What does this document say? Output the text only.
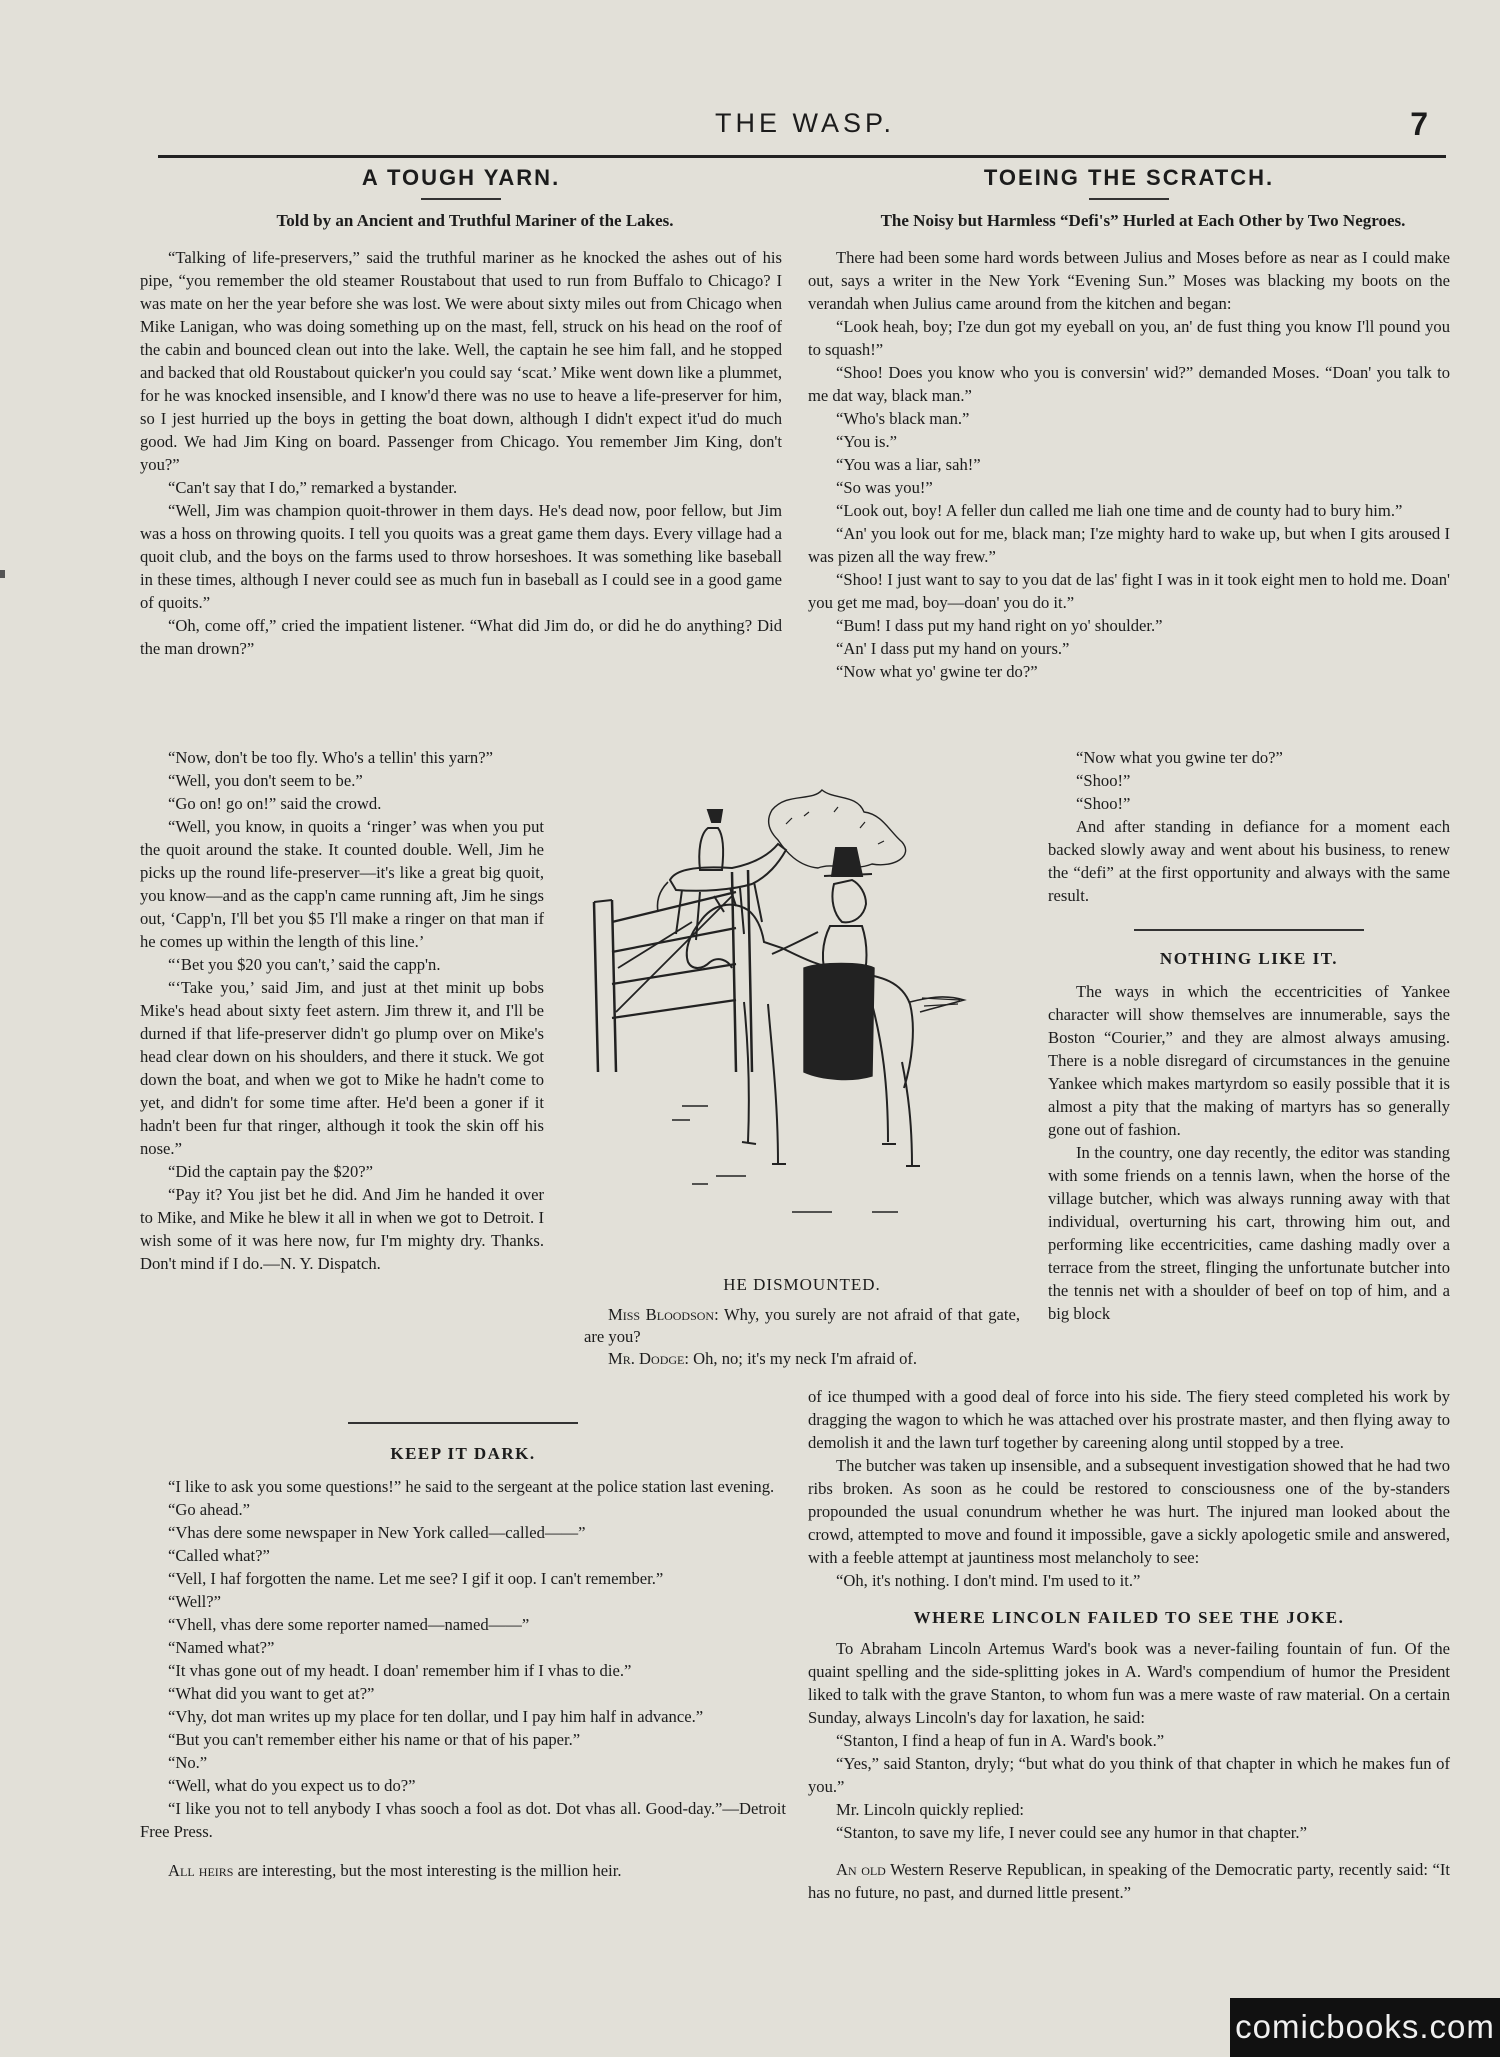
THE WASP.	7
A TOUGH YARN.

Told by an Ancient and Truthful Mariner of the Lakes.

“Talking of life-preservers,” said the truthful mariner as he knocked the ashes out of his pipe, “you remember the old steamer Roustabout that used to run from Buffalo to Chicago? I was mate on her the year before she was lost. We were about sixty miles out from Chicago when Mike Lanigan, who was doing something up on the mast, fell, struck on his head on the roof of the cabin and bounced clean out into the lake. Well, the captain he see him fall, and he stopped and backed that old Roustabout quicker'n you could say ‘scat.’ Mike went down like a plummet, for he was knocked insensible, and I know'd there was no use to heave a life-preserver for him, so I jest hurried up the boys in getting the boat down, although I didn't expect it'ud do much good. We had Jim King on board. Passenger from Chicago. You remember Jim King, don't you?”

“Can't say that I do,” remarked a bystander.

“Well, Jim was champion quoit-thrower in them days. He's dead now, poor fellow, but Jim was a hoss on throwing quoits. I tell you quoits was a great game them days. Every village had a quoit club, and the boys on the farms used to throw horseshoes. It was something like baseball in these times, although I never could see as much fun in baseball as I could see in a good game of quoits.”

“Oh, come off,” cried the impatient listener. “What did Jim do, or did he do anything? Did the man drown?”

“Now, don't be too fly. Who's a tellin' this yarn?”

“Well, you don't seem to be.”

“Go on! go on!” said the crowd.

“Well, you know, in quoits a ‘ringer’ was when you put the quoit around the stake. It counted double. Well, Jim he picks up the round life-preserver—it's like a great big quoit, you know—and as the capp'n came running aft, Jim he sings out, ‘Capp'n, I'll bet you $5 I'll make a ringer on that man if he comes up within the length of this line.’

“‘Bet you $20 you can't,’ said the capp'n.

“‘Take you,’ said Jim, and just at thet minit up bobs Mike's head about sixty feet astern. Jim threw it, and I'll be durned if that life-preserver didn't go plump over on Mike's head clear down on his shoulders, and there it stuck. We got down the boat, and when we got to Mike he hadn't come to yet, and didn't for some time after. He'd been a goner if it hadn't been fur that ringer, although it took the skin off his nose.”

“Did the captain pay the $20?”

“Pay it? You jist bet he did. And Jim he handed it over to Mike, and Mike he blew it all in when we got to Detroit. I wish some of it was here now, fur I'm mighty dry. Thanks. Don't mind if I do.—N. Y. Dispatch.

HE DISMOUNTED.

Miss Bloodson: Why, you surely are not afraid of that gate, are you?

Mr. Dodge: Oh, no; it's my neck I'm afraid of.

KEEP IT DARK.

“I like to ask you some questions!” he said to the sergeant at the police station last evening.

“Go ahead.”

“Vhas dere some newspaper in New York called—called——”

“Called what?”

“Vell, I haf forgotten the name. Let me see? I gif it oop. I can't remember.”

“Well?”

“Vhell, vhas dere some reporter named—named——”

“Named what?”

“It vhas gone out of my headt. I doan' remember him if I vhas to die.”

“What did you want to get at?”

“Vhy, dot man writes up my place for ten dollar, und I pay him half in advance.”

“But you can't remember either his name or that of his paper.”

“No.”

“Well, what do you expect us to do?”

“I like you not to tell anybody I vhas sooch a fool as dot. Dot vhas all. Good-day.”—Detroit Free Press.

All heirs are interesting, but the most interesting is the million heir.

TOEING THE SCRATCH.

The Noisy but Harmless “Defi's” Hurled at Each Other by Two Negroes.

There had been some hard words between Julius and Moses before as near as I could make out, says a writer in the New York “Evening Sun.” Moses was blacking my boots on the verandah when Julius came around from the kitchen and began:

“Look heah, boy; I'ze dun got my eyeball on you, an' de fust thing you know I'll pound you to squash!”

“Shoo! Does you know who you is conversin' wid?” demanded Moses. “Doan' you talk to me dat way, black man.”

“Who's black man.”

“You is.”

“You was a liar, sah!”

“So was you!”

“Look out, boy! A feller dun called me liah one time and de county had to bury him.”

“An' you look out for me, black man; I'ze mighty hard to wake up, but when I gits aroused I was pizen all the way frew.”

“Shoo! I just want to say to you dat de las' fight I was in it took eight men to hold me. Doan' you get me mad, boy—doan' you do it.”

“Bum! I dass put my hand right on yo' shoulder.”

“An' I dass put my hand on yours.”

“Now what yo' gwine ter do?”

“Now what you gwine ter do?”

“Shoo!”

“Shoo!”

And after standing in defiance for a moment each backed slowly away and went about his business, to renew the “defi” at the first opportunity and always with the same result.

NOTHING LIKE IT.

The ways in which the eccentricities of Yankee character will show themselves are innumerable, says the Boston “Courier,” and they are almost always amusing. There is a noble disregard of circumstances in the genuine Yankee which makes martyrdom so easily possible that it is almost a pity that the making of martyrs has so generally gone out of fashion.

In the country, one day recently, the editor was standing with some friends on a tennis lawn, when the horse of the village butcher, which was always running away with that individual, overturning his cart, throwing him out, and performing like eccentricities, came dashing madly over a terrace from the street, flinging the unfortunate butcher into the tennis net with a shoulder of beef on top of him, and a big block

of ice thumped with a good deal of force into his side. The fiery steed completed his work by dragging the wagon to which he was attached over his prostrate master, and then flying away to demolish it and the lawn turf together by careening along until stopped by a tree.

The butcher was taken up insensible, and a subsequent investigation showed that he had two ribs broken. As soon as he could be restored to consciousness one of the by-standers propounded the usual conundrum whether he was hurt. The injured man looked about the crowd, attempted to move and found it impossible, gave a sickly apologetic smile and answered, with a feeble attempt at jauntiness most melancholy to see:

“Oh, it's nothing. I don't mind. I'm used to it.”

WHERE LINCOLN FAILED TO SEE THE JOKE.

To Abraham Lincoln Artemus Ward's book was a never-failing fountain of fun. Of the quaint spelling and the side-splitting jokes in A. Ward's compendium of humor the President liked to talk with the grave Stanton, to whom fun was a mere waste of raw material. On a certain Sunday, always Lincoln's day for laxation, he said:

“Stanton, I find a heap of fun in A. Ward's book.”

“Yes,” said Stanton, dryly; “but what do you think of that chapter in which he makes fun of you.”

Mr. Lincoln quickly replied:

“Stanton, to save my life, I never could see any humor in that chapter.”

An old Western Reserve Republican, in speaking of the Democratic party, recently said: “It has no future, no past, and durned little present.”

comicbooks.com
